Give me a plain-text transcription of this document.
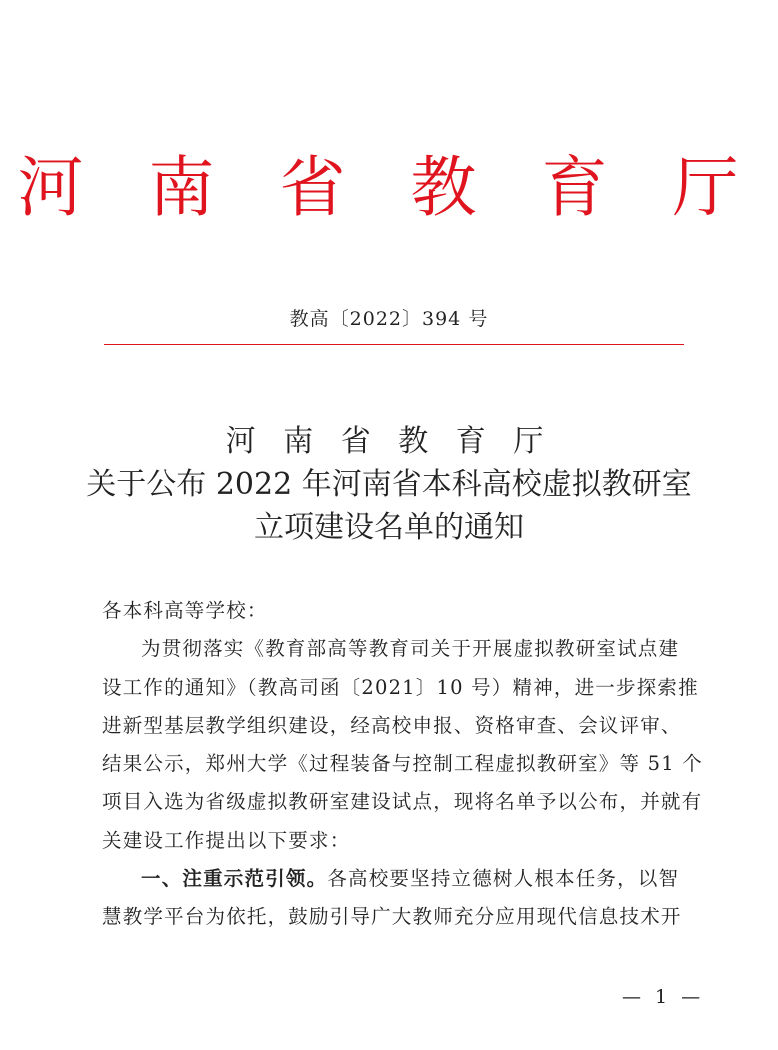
河 南 省 教 育 厅
教高〔2022〕394 号
河 南 省 教 育 厅
关于公布 2022 年河南省本科高校虚拟教研室
立项建设名单的通知

各本科高等学校：

为贯彻落实《教育部高等教育司关于开展虚拟教研室试点建
设工作的通知》（教高司函〔2021〕10 号）精神，进一步探索推
进新型基层教学组织建设，经高校申报、资格审查、会议评审、
结果公示，郑州大学《过程装备与控制工程虚拟教研室》等 51 个
项目入选为省级虚拟教研室建设试点，现将名单予以公布，并就有
关建设工作提出以下要求：

一、注重示范引领。各高校要坚持立德树人根本任务，以智
慧教学平台为依托，鼓励引导广大教师充分应用现代信息技术开

— 1 —
